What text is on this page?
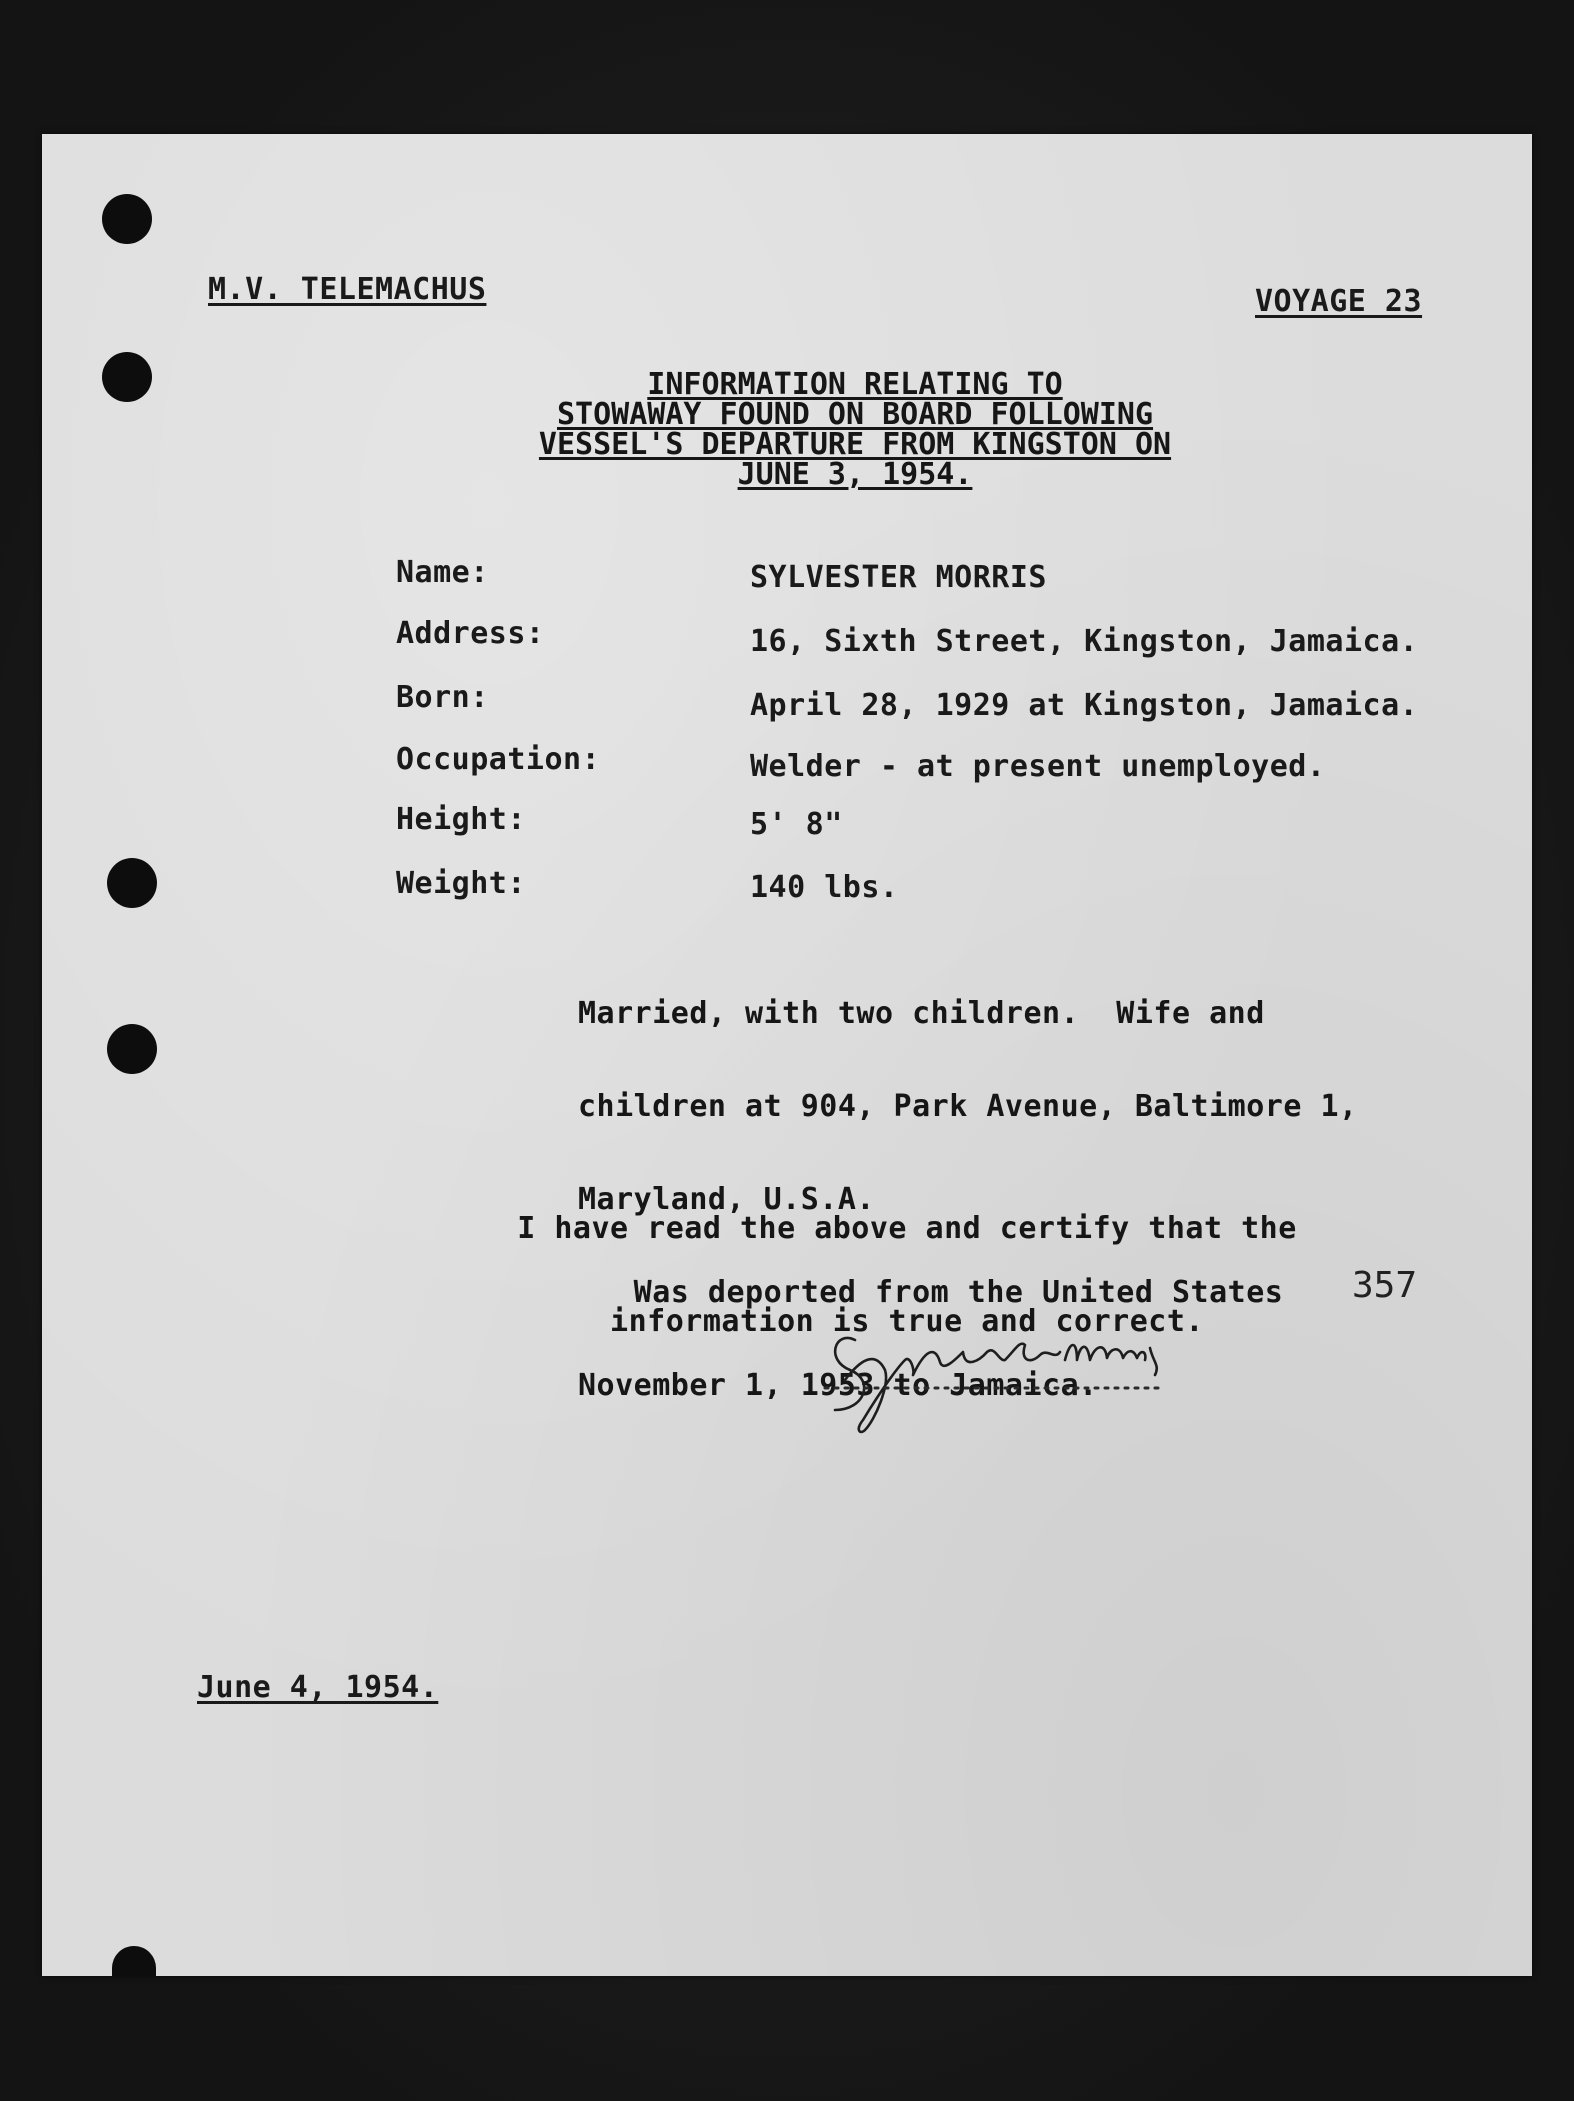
M.V. TELEMACHUS	VOYAGE 23
INFORMATION RELATING TO
STOWAWAY FOUND ON BOARD FOLLOWING
VESSEL'S DEPARTURE FROM KINGSTON ON
JUNE 3, 1954.
Name:	SYLVESTER MORRIS
Address:	16, Sixth Street, Kingston, Jamaica.
Born:	April 28, 1929 at Kingston, Jamaica.
Occupation:	Welder - at present unemployed.
Height:	5' 8"
Weight:	140 lbs.

Married, with two children.  Wife and

children at 904, Park Avenue, Baltimore 1,

Maryland, U.S.A.

Was deported from the United States

November 1, 1953 to Jamaica.

I have read the above and certify that the

information is true and correct.

357
June 4, 1954.
